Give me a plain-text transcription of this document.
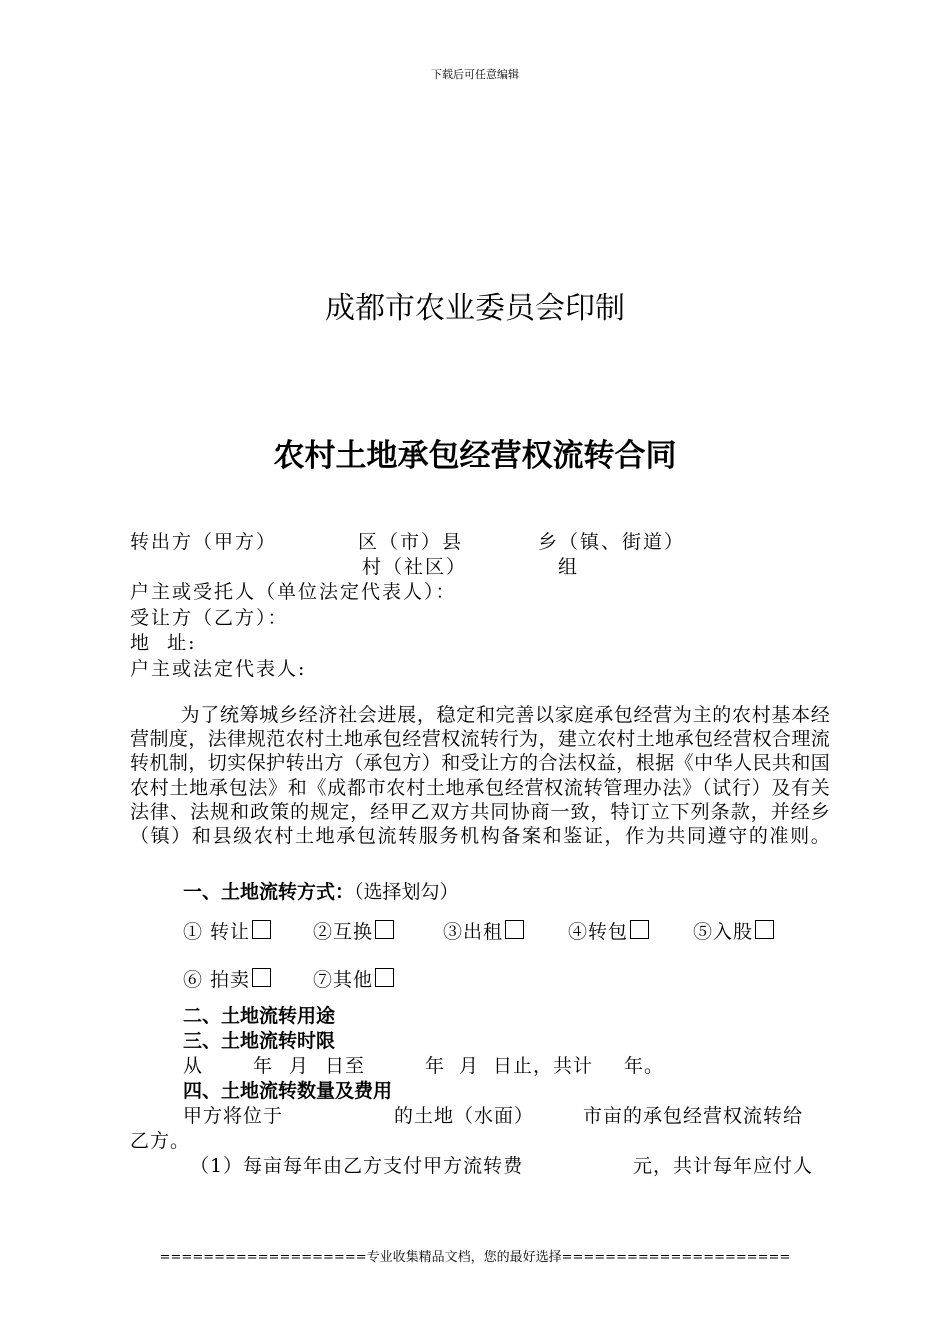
下载后可任意编辑
成都市农业委员会印制
农村土地承包经营权流转合同
转出方（甲方）	区（市）县	乡（镇、街道）
村（社区）	组
户主或受托人（单位法定代表人）：
受让方（乙方）：
地  址:
户主或法定代表人:
为了统筹城乡经济社会进展，稳定和完善以家庭承包经营为主的农村基本经营制度，法律规范农村土地承包经营权流转行为，建立农村土地承包经营权合理流转机制，切实保护转出方（承包方）和受让方的合法权益，根据《中华人民共和国农村土地承包法》和《成都市农村土地承包经营权流转管理办法》（试行）及有关法律、法规和政策的规定，经甲乙双方共同协商一致，特订立下列条款，并经乡（镇）和县级农村土地承包流转服务机构备案和鉴证，作为共同遵守的准则。
一、土地流转方式：（选择划勾）
① 转让	②互换	③出租	④转包	⑤入股
⑥ 拍卖	⑦其他
二、土地流转用途
三、土地流转时限
从	年 月 日至	年 月 日止，共计 年。
四、土地流转数量及费用
甲方将位于	的土地（水面）	市亩的承包经营权流转给
乙方。
（1）每亩每年由乙方支付甲方流转费	元，共计每年应付人
===================专业收集精品文档，您的最好选择=====================
